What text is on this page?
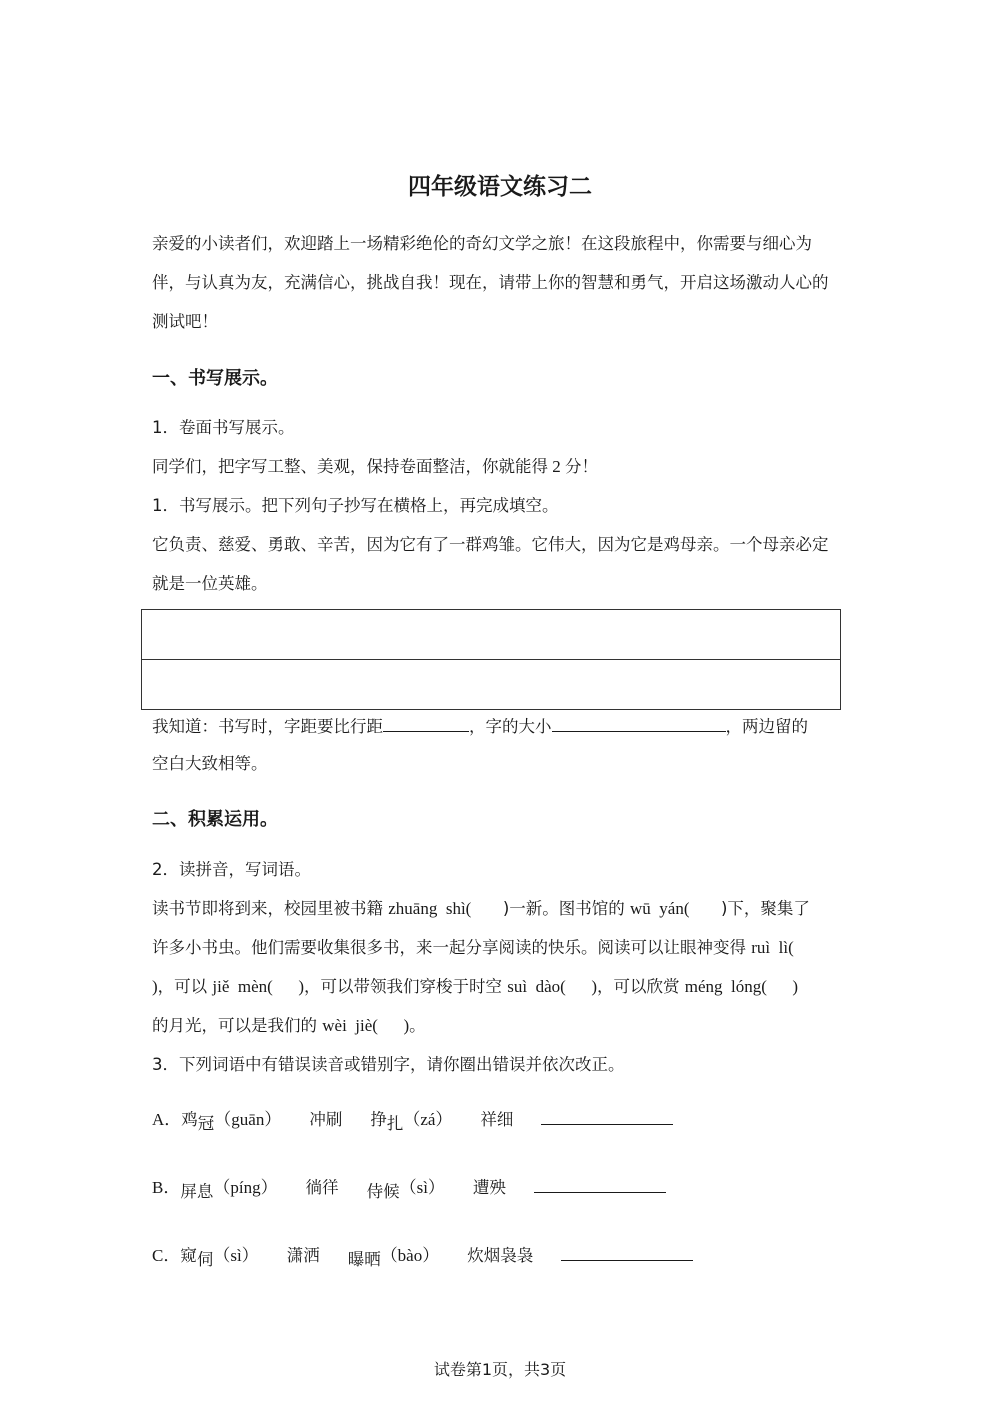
四年级语文练习二
亲爱的小读者们，欢迎踏上一场精彩绝伦的奇幻文学之旅！在这段旅程中，你需要与细心为伴，与认真为友，充满信心，挑战自我！现在，请带上你的智慧和勇气，开启这场激动人心的测试吧！
一、书写展示。
1．卷面书写展示。
同学们，把字写工整、美观，保持卷面整洁，你就能得 2 分！
1．书写展示。把下列句子抄写在横格上，再完成填空。
它负责、慈爱、勇敢、辛苦，因为它有了一群鸡雏。它伟大，因为它是鸡母亲。一个母亲必定就是一位英雄。
我知道：书写时，字距要比行距	，字的大小	，两边留的
空白大致相等。
二、积累运用。
2．读拼音，写词语。
读书节即将到来，校园里被书籍 zhuāng  shì(      )一新。图书馆的 wū  yán(      )下，聚集了
许多小书虫。他们需要收集很多书，来一起分享阅读的快乐。阅读可以让眼神变得 ruì  lì(
)，可以 jiě  mèn(      )，可以带领我们穿梭于时空 suì  dào(      )，可以欣赏 méng  lóng(      )
的月光，可以是我们的 wèi  jiè(      )。
3．下列词语中有错误读音或错别字，请你圈出错误并依次改正。
A．鸡冠（guān） 冲刷 挣扎（zá） 祥细
B．屏息（píng） 徜徉 侍候（sì） 遭殃
C．窥伺（sì） 潇洒 曝晒（bào） 炊烟袅袅
试卷第1页，共3页
